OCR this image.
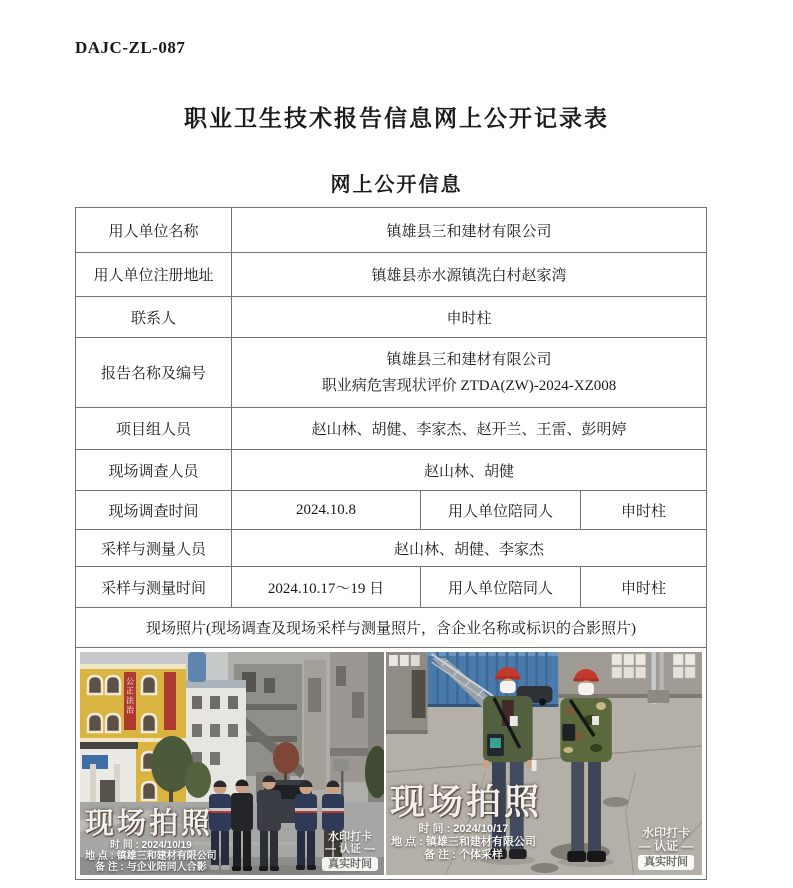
DAJC-ZL-087
职业卫生技术报告信息网上公开记录表
网上公开信息
用人单位名称	镇雄县三和建材有限公司		
用人单位注册地址	镇雄县赤水源镇洗白村赵家湾		
联系人	申时柱		
报告名称及编号	镇雄县三和建材有限公司
职业病危害现状评价 ZTDA(ZW)-2024-XZ008		

项目组人员	赵山林、胡健、李家杰、赵开兰、王雷、彭明婷		
现场调查人员	赵山林、胡健		
现场调查时间	2024.10.8	用人单位陪同人	申时柱
采样与测量人员	赵山林、胡健、李家杰		
采样与测量时间	2024.10.17～19 日	用人单位陪同人	申时柱
现场照片(现场调查及现场采样与测量照片，含企业名称或标识的合影照片)			

公正法治
现场拍照
时 间 : 2024/10/19
地 点 : 镇雄三和建材有限公司
备 注 : 与企业陪同人合影
水印打卡
— 认证 —
真实时间
现场拍照
时 间 : 2024/10/17
地 点 : 镇雄三和建材有限公司
备 注 : 个体采样
水印打卡
— 认证 —
真实时间
